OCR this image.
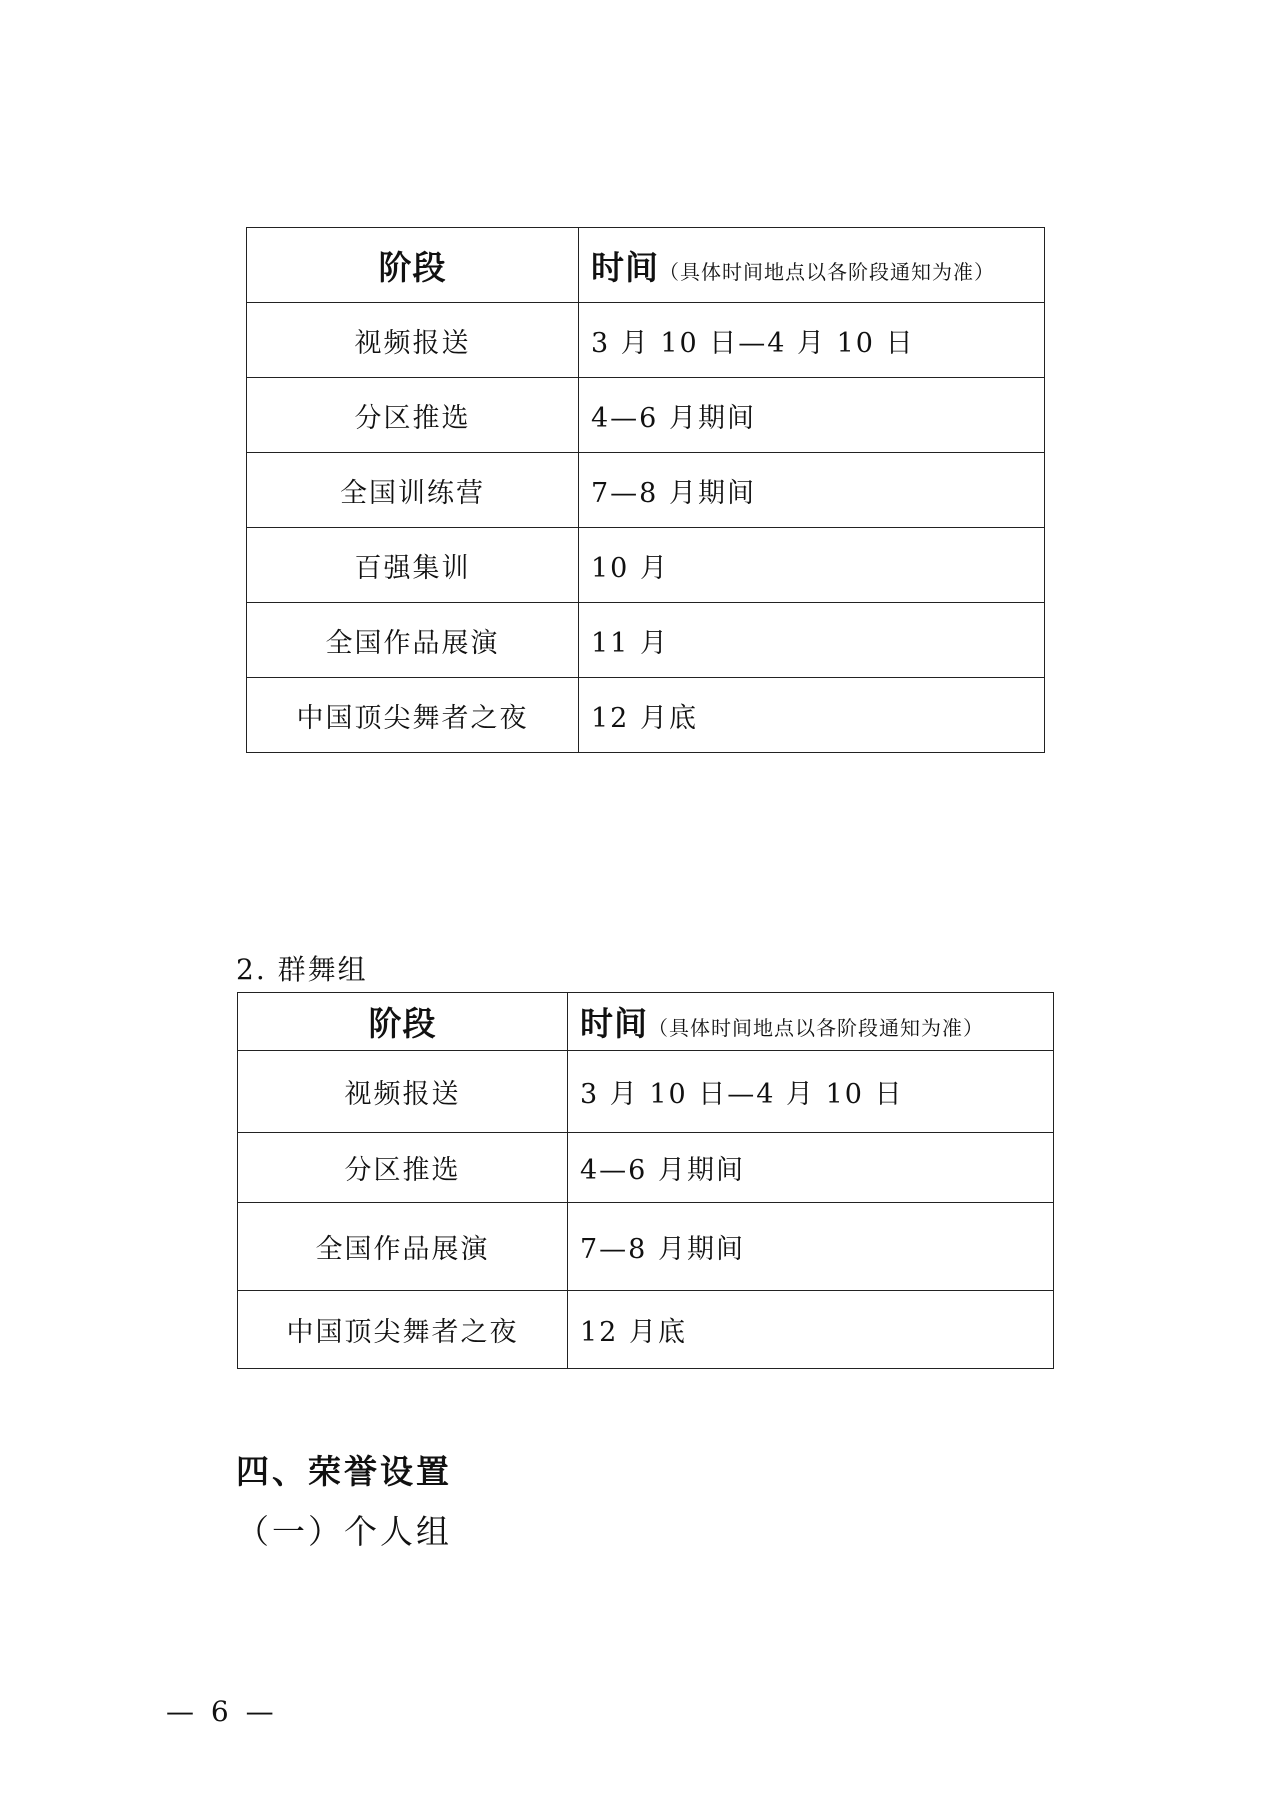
阶段	时间（具体时间地点以各阶段通知为准）
视频报送	3 月 10 日—4 月 10 日
分区推选	4—6 月期间
全国训练营	7—8 月期间
百强集训	10 月
全国作品展演	11 月
中国顶尖舞者之夜	12 月底
2. 群舞组
阶段	时间（具体时间地点以各阶段通知为准）
视频报送	3 月 10 日—4 月 10 日
分区推选	4—6 月期间
全国作品展演	7—8 月期间
中国顶尖舞者之夜	12 月底
四、荣誉设置
（一）个人组
— 6 —
